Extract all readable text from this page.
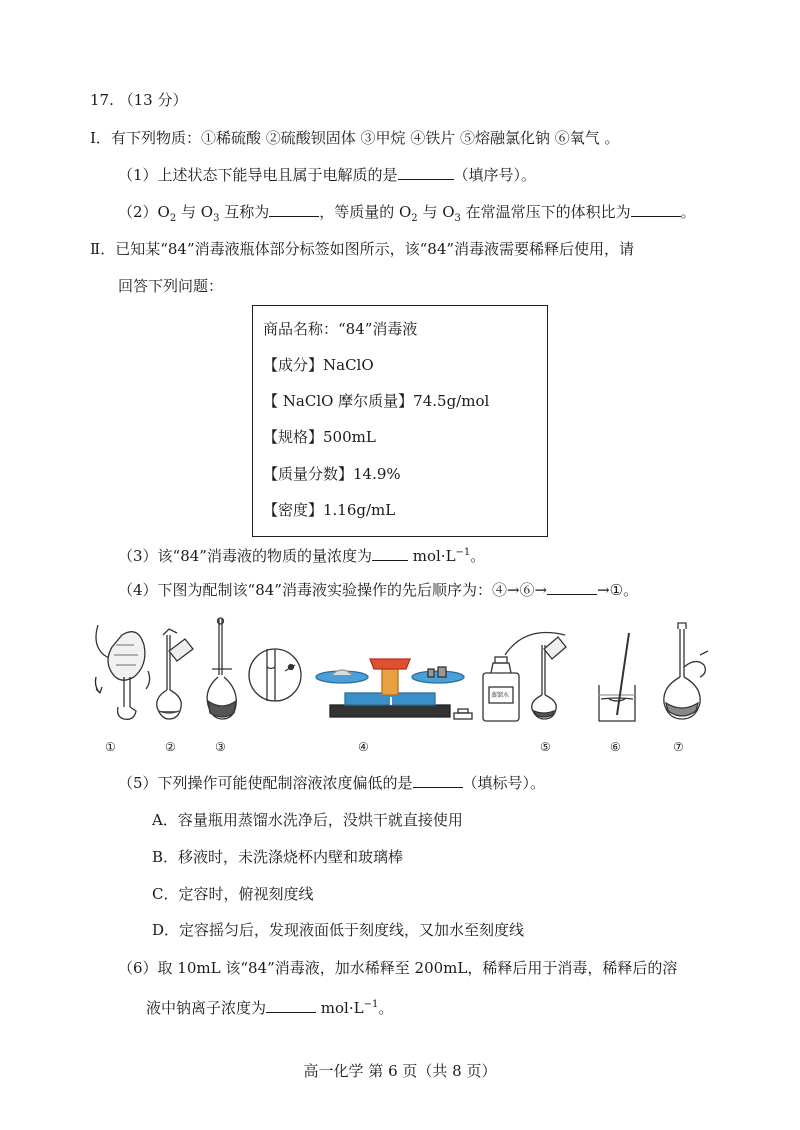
17. （13 分）
Ⅰ．有下列物质：①稀硫酸 ②硫酸钡固体 ③甲烷 ④铁片 ⑤熔融氯化钠 ⑥氧气 。
（1）上述状态下能导电且属于电解质的是	（填序号）。
$(2)O_2$ 与 $O_3$ 互称为	，等质量的 $O_2$ 与 $O_3$ 在常温常压下的体积比为	。
Ⅱ．已知某“84”消毒液瓶体部分标签如图所示，该“84”消毒液需要稀释后使用，请
回答下列问题：
商品名称：“84”消毒液
【成分】NaClO
【 NaClO 摩尔质量】74.5g/mol
【规格】500mL
【质量分数】14.9%
【密度】1.16g/mL
（3）该“84”消毒液的物质的量浓度为 $mol\cdot L^{-1}$。
（4）下图为配制该“84”消毒液实验操作的先后顺序为：④→⑥→	→①。
①	②	③	④	⑤	⑥	⑦
蒸馏水
（5）下列操作可能使配制溶液浓度偏低的是	（填标号）。
A．容量瓶用蒸馏水洗净后，没烘干就直接使用
B．移液时，未洗涤烧杯内壁和玻璃棒
C．定容时，俯视刻度线
D．定容摇匀后，发现液面低于刻度线，又加水至刻度线
（6）取 10mL 该“84”消毒液，加水稀释至 200mL，稀释后用于消毒，稀释后的溶
液中钠离子浓度为	$mol\cdot L^{-1}$。
高一化学 第 6 页（共 8 页）
